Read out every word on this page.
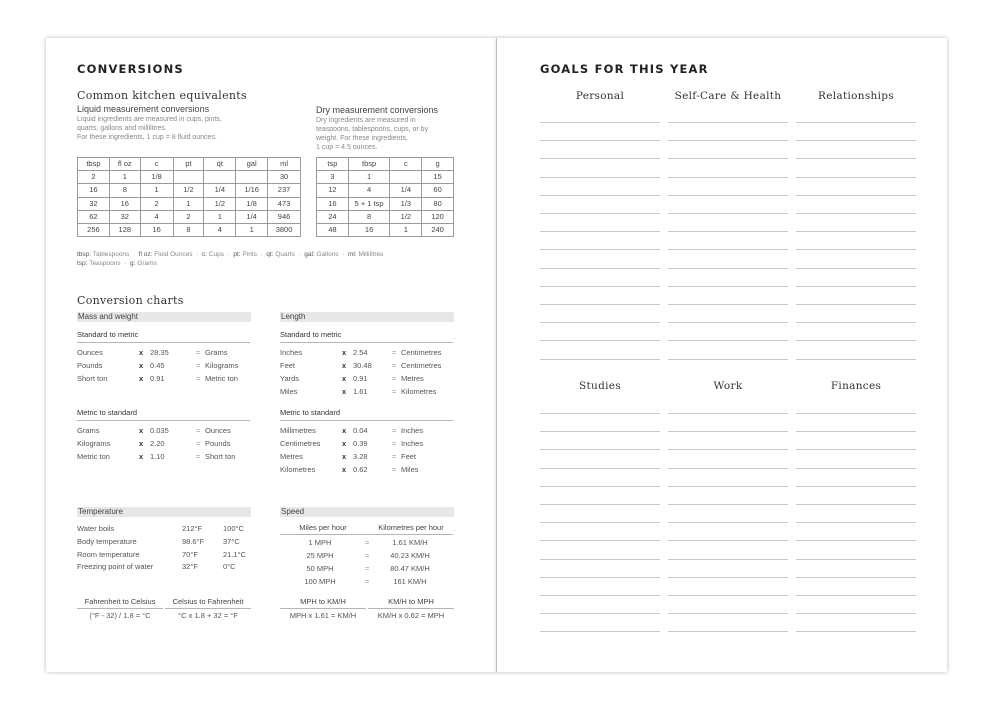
CONVERSIONS
Common kitchen equivalents
Liquid measurement conversions
Liquid ingredients are measured in cups, pints,
quarts, gallons and millilitres.
For these ingredients, 1 cup = 8 fluid ounces.
tbsp	fl oz	c	pt	qt	gal	ml
2	1	1/8				30
16	8	1	1/2	1/4	1/16	237
32	16	2	1	1/2	1/8	473
62	32	4	2	1	1/4	946
256	128	16	8	4	1	3800
Dry measurement conversions
Dry ingredients are measured in
teaspoons, tablespoons, cups, or by
weight. For these ingredients,
1 cup = 4.5 ounces.
tsp	tbsp	c	g
3	1		15
12	4	1/4	60
16	5 + 1 tsp	1/3	80
24	8	1/2	120
48	16	1	240
tbsp: Tablespoons  ·  fl oz: Fluid Ounces  ·  c: Cups  ·  pt: Pints  ·  qt: Quarts  ·  gal: Gallons  ·  ml: Millilitres
tsp: Teaspoons  ·  g: Grams
Conversion charts
Mass and weight
Standard to metric
Ounces	x 28.35	= Grams
Pounds	x 0.45	= Kilograms
Short ton	x 0.91	= Metric ton
Metric to standard
Grams	x 0.035	= Ounces
Kilograms	x 2.20	= Pounds
Metric ton	x 1.10	= Short ton
Length
Standard to metric
Inches	x 2.54	= Centimetres
Feet	x 30.48	= Centimetres
Yards	x 0.91	= Metres
Miles	x 1.61	= Kilometres
Metric to standard
Millimetres	x 0.04	= Inches
Centimetres	x 0.39	= Inches
Metres	x 3.28	= Feet
Kilometres	x 0.62	= Miles
Temperature
Water boils	212°F	100°C
Body temperature	98.6°F	37°C
Room temperature	70°F	21.1°C
Freezing point of water	32°F	0°C
Fahrenheit to Celsius
(°F - 32) / 1.8 = °C
Celsius to Fahrenheit
°C x 1.8 + 32 = °F
Speed
Miles per hour	Kilometres per hour
1 MPH	=	1.61 KM/H
25 MPH	=	40.23 KM/H
50 MPH	=	80.47 KM/H
100 MPH	=	161 KM/H
MPH to KM/H
MPH x 1.61 = KM/H
KM/H to MPH
KM/H x 0.62 = MPH
GOALS FOR THIS YEAR
Personal	Self-Care & Health	Relationships
Studies	Work	Finances
